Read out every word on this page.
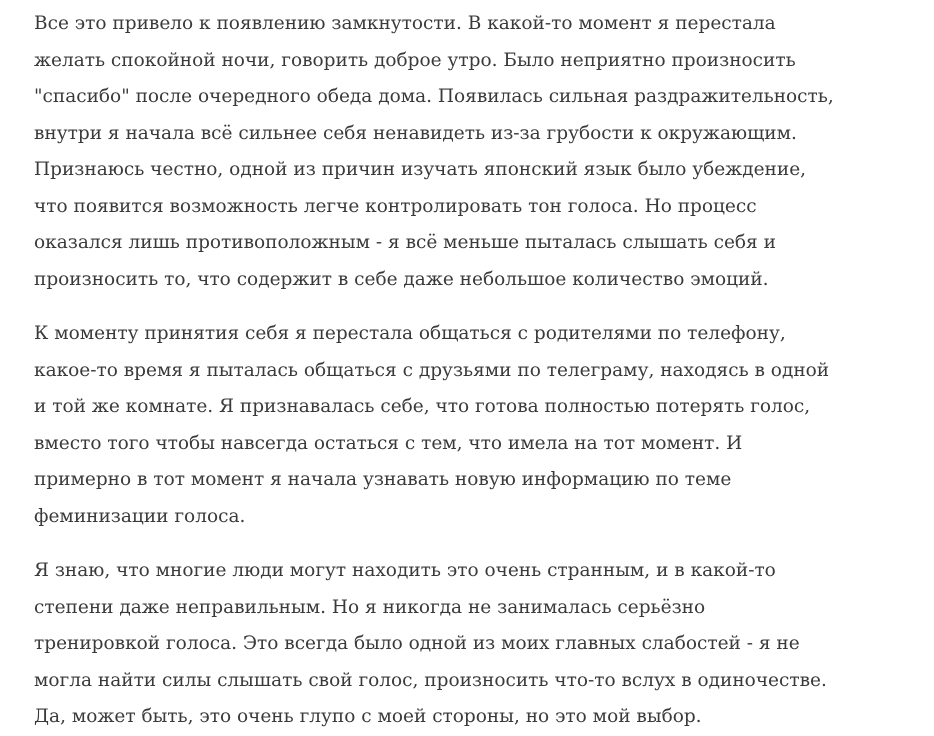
Все это привело к появлению замкнутости. В какой-то момент я перестала
желать спокойной ночи, говорить доброе утро. Было неприятно произносить
"спасибо" после очередного обеда дома. Появилась сильная раздражительность,
внутри я начала всё сильнее себя ненавидеть из-за грубости к окружающим.
Признаюсь честно, одной из причин изучать японский язык было убеждение,
что появится возможность легче контролировать тон голоса. Но процесс
оказался лишь противоположным - я всё меньше пыталась слышать себя и
произносить то, что содержит в себе даже небольшое количество эмоций.

К моменту принятия себя я перестала общаться с родителями по телефону,
какое-то время я пыталась общаться с друзьями по телеграму, находясь в одной
и той же комнате. Я признавалась себе, что готова полностью потерять голос,
вместо того чтобы навсегда остаться с тем, что имела на тот момент. И
примерно в тот момент я начала узнавать новую информацию по теме
феминизации голоса.

Я знаю, что многие люди могут находить это очень странным, и в какой-то
степени даже неправильным. Но я никогда не занималась серьёзно
тренировкой голоса. Это всегда было одной из моих главных слабостей - я не
могла найти силы слышать свой голос, произносить что-то вслух в одиночестве.
Да, может быть, это очень глупо с моей стороны, но это мой выбор.
